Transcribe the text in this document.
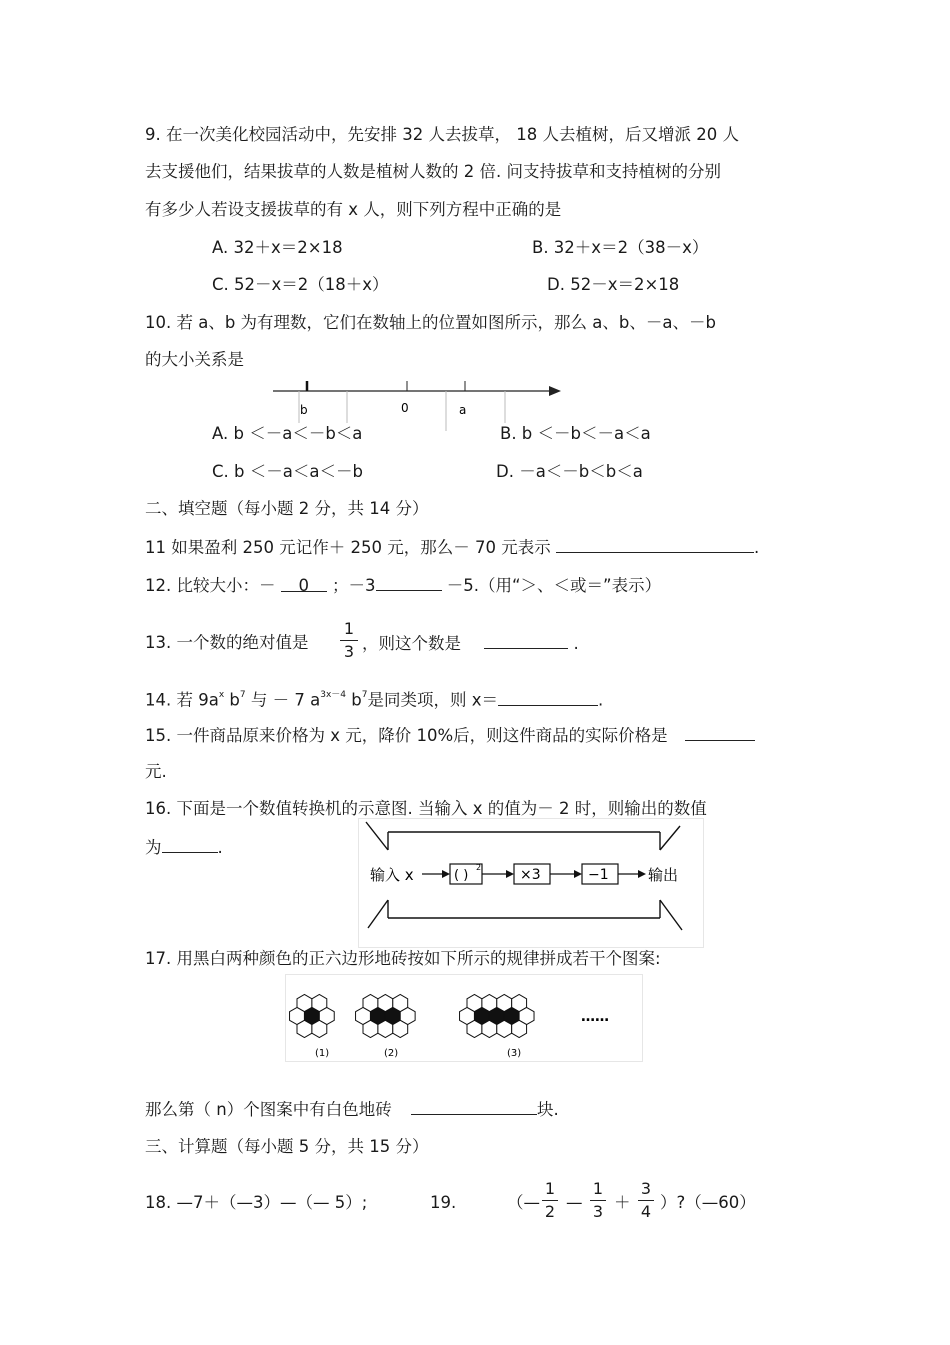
9. 在一次美化校园活动中，先安排 32 人去拔草， 18 人去植树，后又增派 20 人
去支援他们，结果拔草的人数是植树人数的 2 倍. 问支持拔草和支持植树的分别
有多少人若设支援拔草的有 x 人，则下列方程中正确的是
A. 32＋x＝2×18	B. 32＋x＝2（38－x）
C. 52－x＝2（18＋x）	D. 52－x＝2×18
10. 若 a、b 为有理数，它们在数轴上的位置如图所示，那么 a、b、－a、－b
的大小关系是
b	0	a
A. b ＜－a＜－b＜a	B. b ＜－b＜－a＜a
C. b ＜－a＜a＜－b	D. －a＜－b＜b＜a
二、填空题（每小题 2 分，共 14 分）
11 如果盈利 250 元记作＋ 250 元，那么－ 70 元表示	.
12. 比较大小：－ 0 ；－3	－5.（用“＞、＜或＝”表示）
13. 一个数的绝对值是
1
3 ，则这个数是	.
14. 若 $9a^x$ $b^7$ 与 － 7 $a^{3x-4}$ $b^7$是同类项，则 x＝	.
15. 一件商品原来价格为 x 元，降价 10%后，则这件商品的实际价格是
元.
16. 下面是一个数值转换机的示意图. 当输入 x 的值为－ 2 时，则输出的数值
为	.
输入 x	( )
2	×3	−1	输出
17. 用黑白两种颜色的正六边形地砖按如下所示的规律拼成若干个图案:
(1)	(2)	(3)
……
那么第（ n）个图案中有白色地砖	块.
三、计算题（每小题 5 分，共 15 分）
18. —7＋（—3）—（— 5）;	19.	（—
1
2 —
1
3 ＋
3
4 ）?（—60）
